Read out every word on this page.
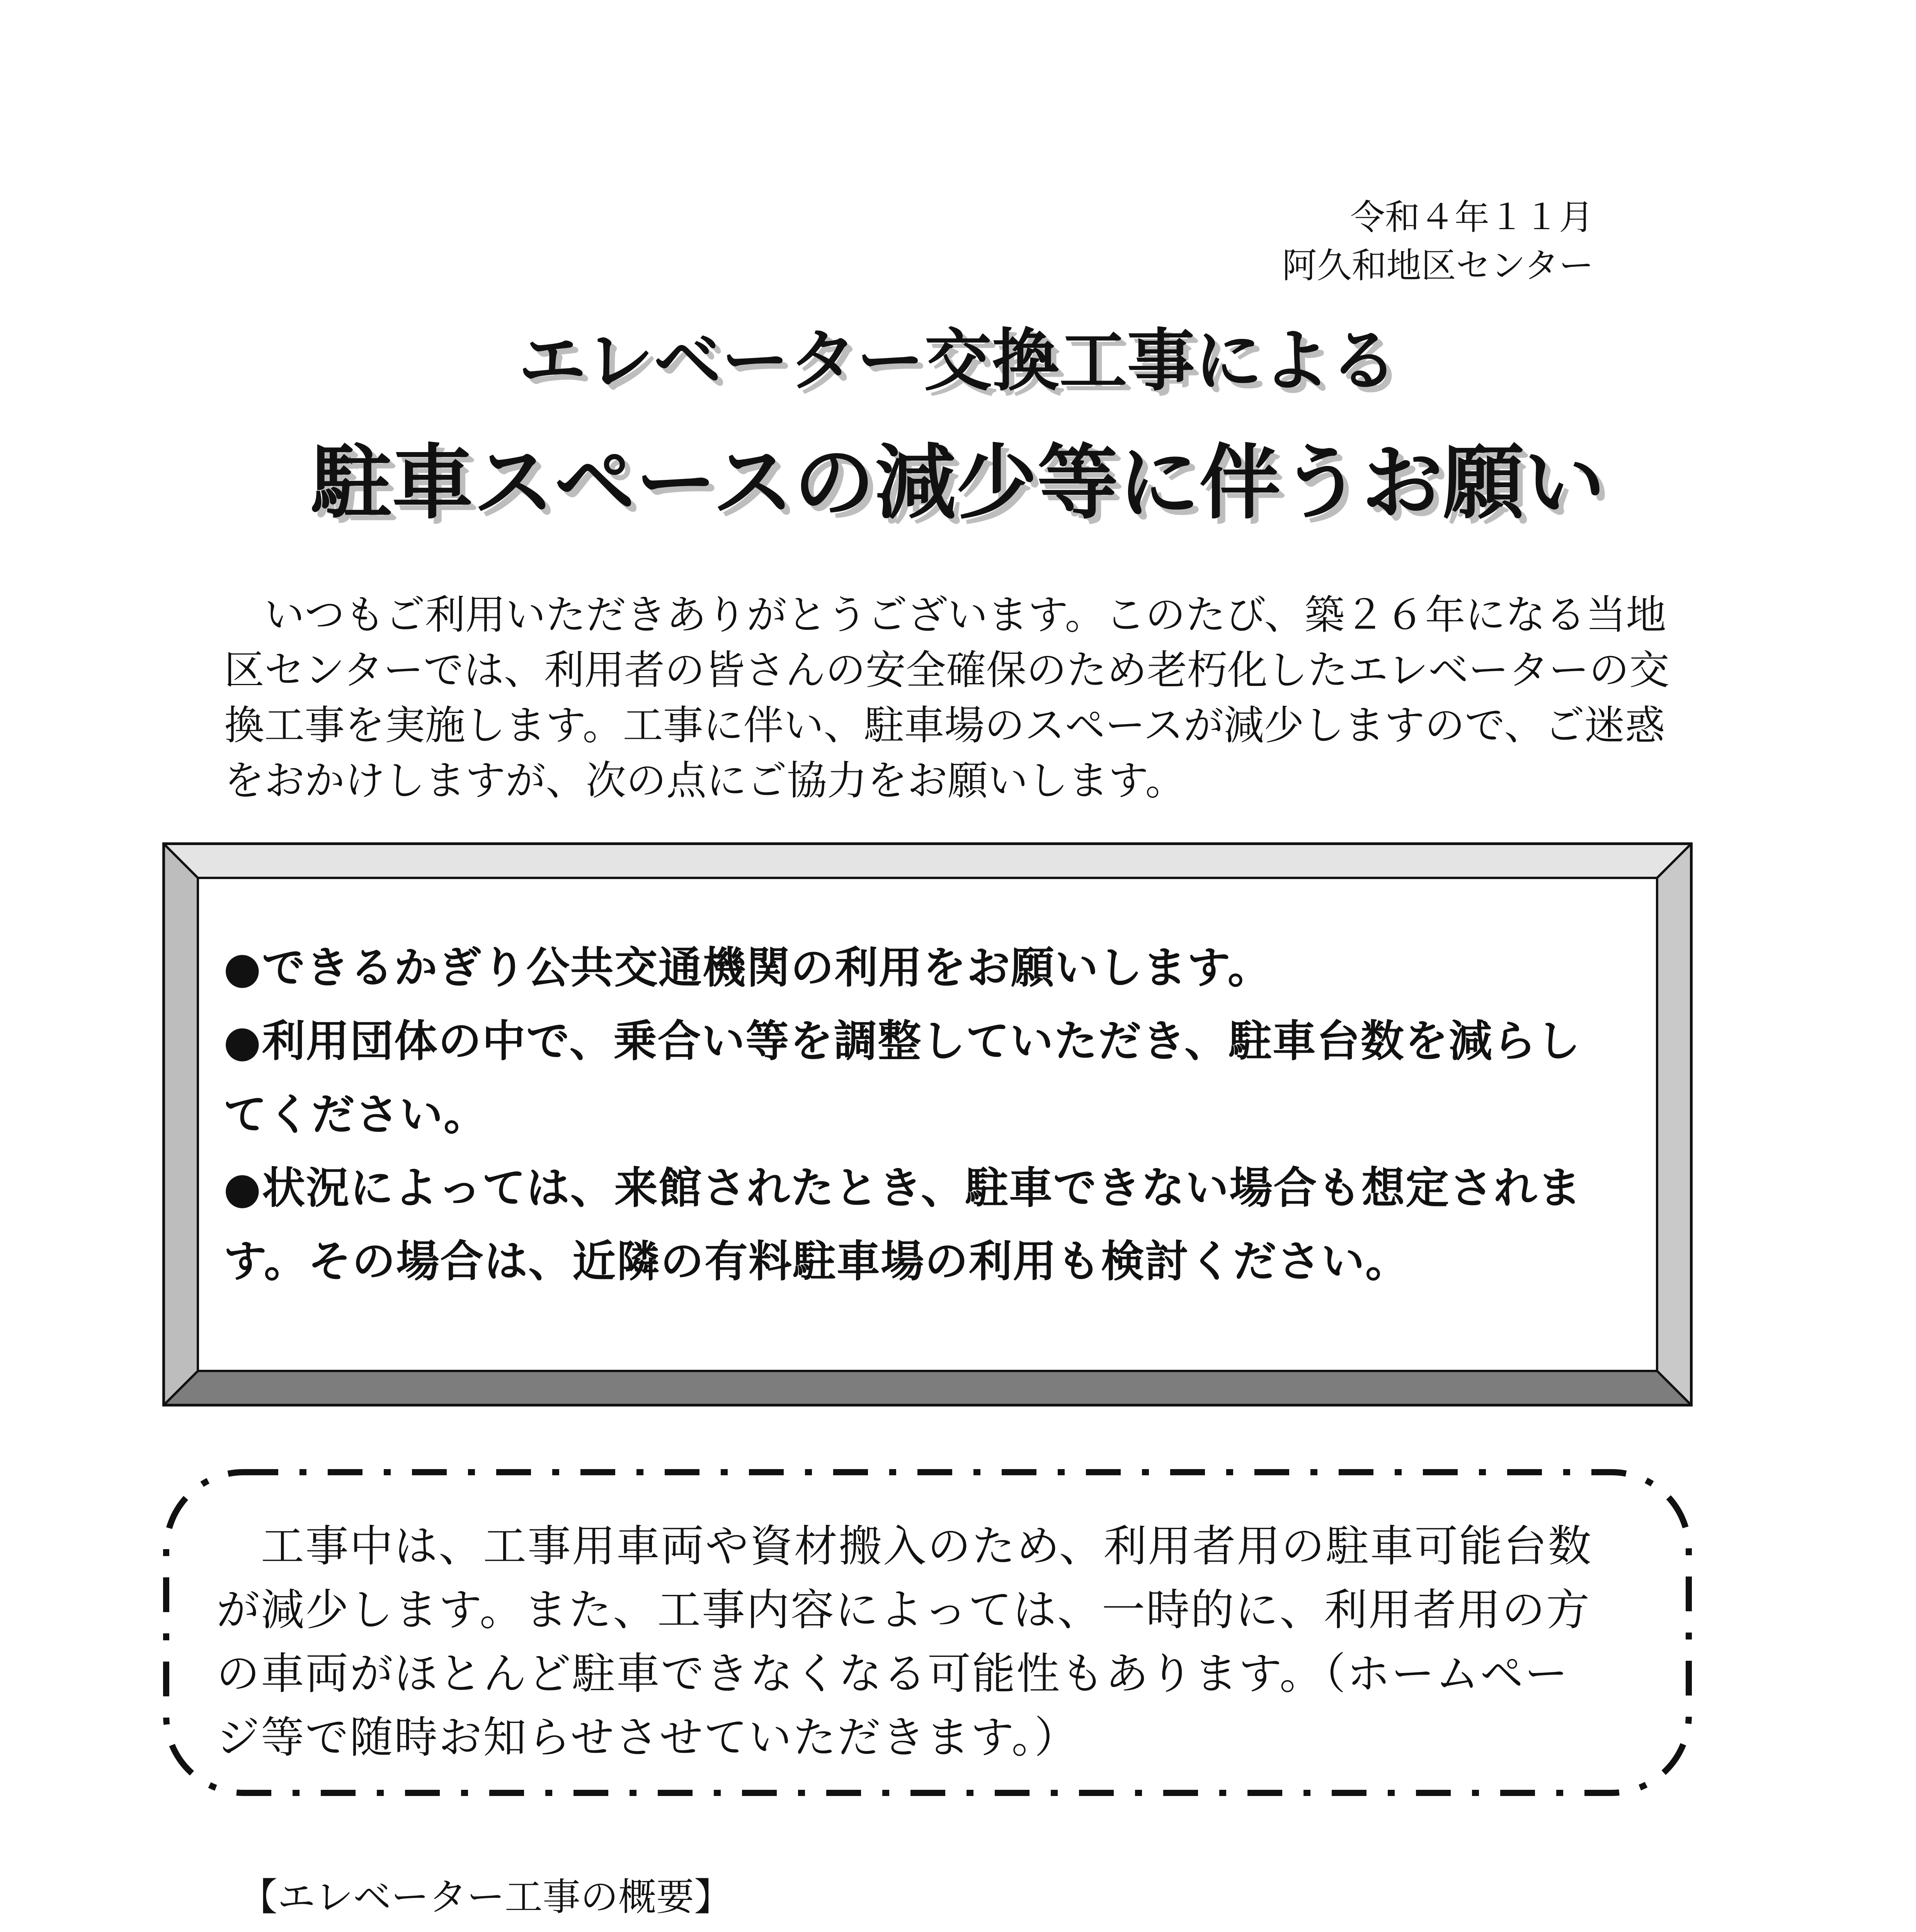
令和４年１１月
阿久和地区センター
エレベーター交換工事による
駐車スペースの減少等に伴うお願い
　いつもご利用いただきありがとうございます。このたび、築２６年になる当地
区センターでは、利用者の皆さんの安全確保のため老朽化したエレベーターの交
換工事を実施します。工事に伴い、駐車場のスペースが減少しますので、ご迷惑
をおかけしますが、次の点にご協力をお願いします。
●できるかぎり公共交通機関の利用をお願いします。
●利用団体の中で、乗合い等を調整していただき、駐車台数を減らし
てください。
●状況によっては、来館されたとき、駐車できない場合も想定されま
す。その場合は、近隣の有料駐車場の利用も検討ください。
　工事中は、工事用車両や資材搬入のため、利用者用の駐車可能台数
が減少します。また、工事内容によっては、一時的に、利用者用の方
の車両がほとんど駐車できなくなる可能性もあります。（ホームペー
ジ等で随時お知らせさせていただきます。）
【エレベーター工事の概要】
